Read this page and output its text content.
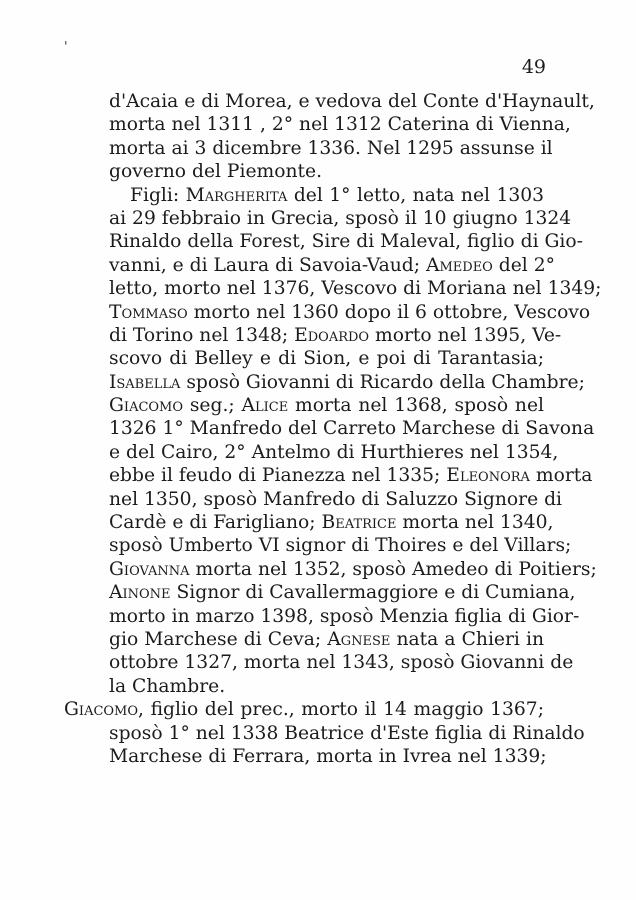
'
49
d'Acaia e di Morea, e vedova del Conte d'Haynault,
morta nel 1311 , 2° nel 1312 Caterina di Vienna,
morta ai 3 dicembre 1336. Nel 1295 assunse il
governo del Piemonte.
Figli: Margherita del 1° letto, nata nel 1303
ai 29 febbraio in Grecia, sposò il 10 giugno 1324
Rinaldo della Forest, Sire di Maleval, figlio di Gio-
vanni, e di Laura di Savoia-Vaud; Amedeo del 2°
letto, morto nel 1376, Vescovo di Moriana nel 1349;
Tommaso morto nel 1360 dopo il 6 ottobre, Vescovo
di Torino nel 1348; Edoardo morto nel 1395, Ve-
scovo di Belley e di Sion, e poi di Tarantasia;
Isabella sposò Giovanni di Ricardo della Chambre;
Giacomo seg.; Alice morta nel 1368, sposò nel
1326 1° Manfredo del Carreto Marchese di Savona
e del Cairo, 2° Antelmo di Hurthieres nel 1354,
ebbe il feudo di Pianezza nel 1335; Eleonora morta
nel 1350, sposò Manfredo di Saluzzo Signore di
Cardè e di Farigliano; Beatrice morta nel 1340,
sposò Umberto VI signor di Thoires e del Villars;
Giovanna morta nel 1352, sposò Amedeo di Poitiers;
Ainone Signor di Cavallermaggiore e di Cumiana,
morto in marzo 1398, sposò Menzia figlia di Gior-
gio Marchese di Ceva; Agnese nata a Chieri in
ottobre 1327, morta nel 1343, sposò Giovanni de
la Chambre.
Giacomo, figlio del prec., morto il 14 maggio 1367;
sposò 1° nel 1338 Beatrice d'Este figlia di Rinaldo
Marchese di Ferrara, morta in Ivrea nel 1339;
